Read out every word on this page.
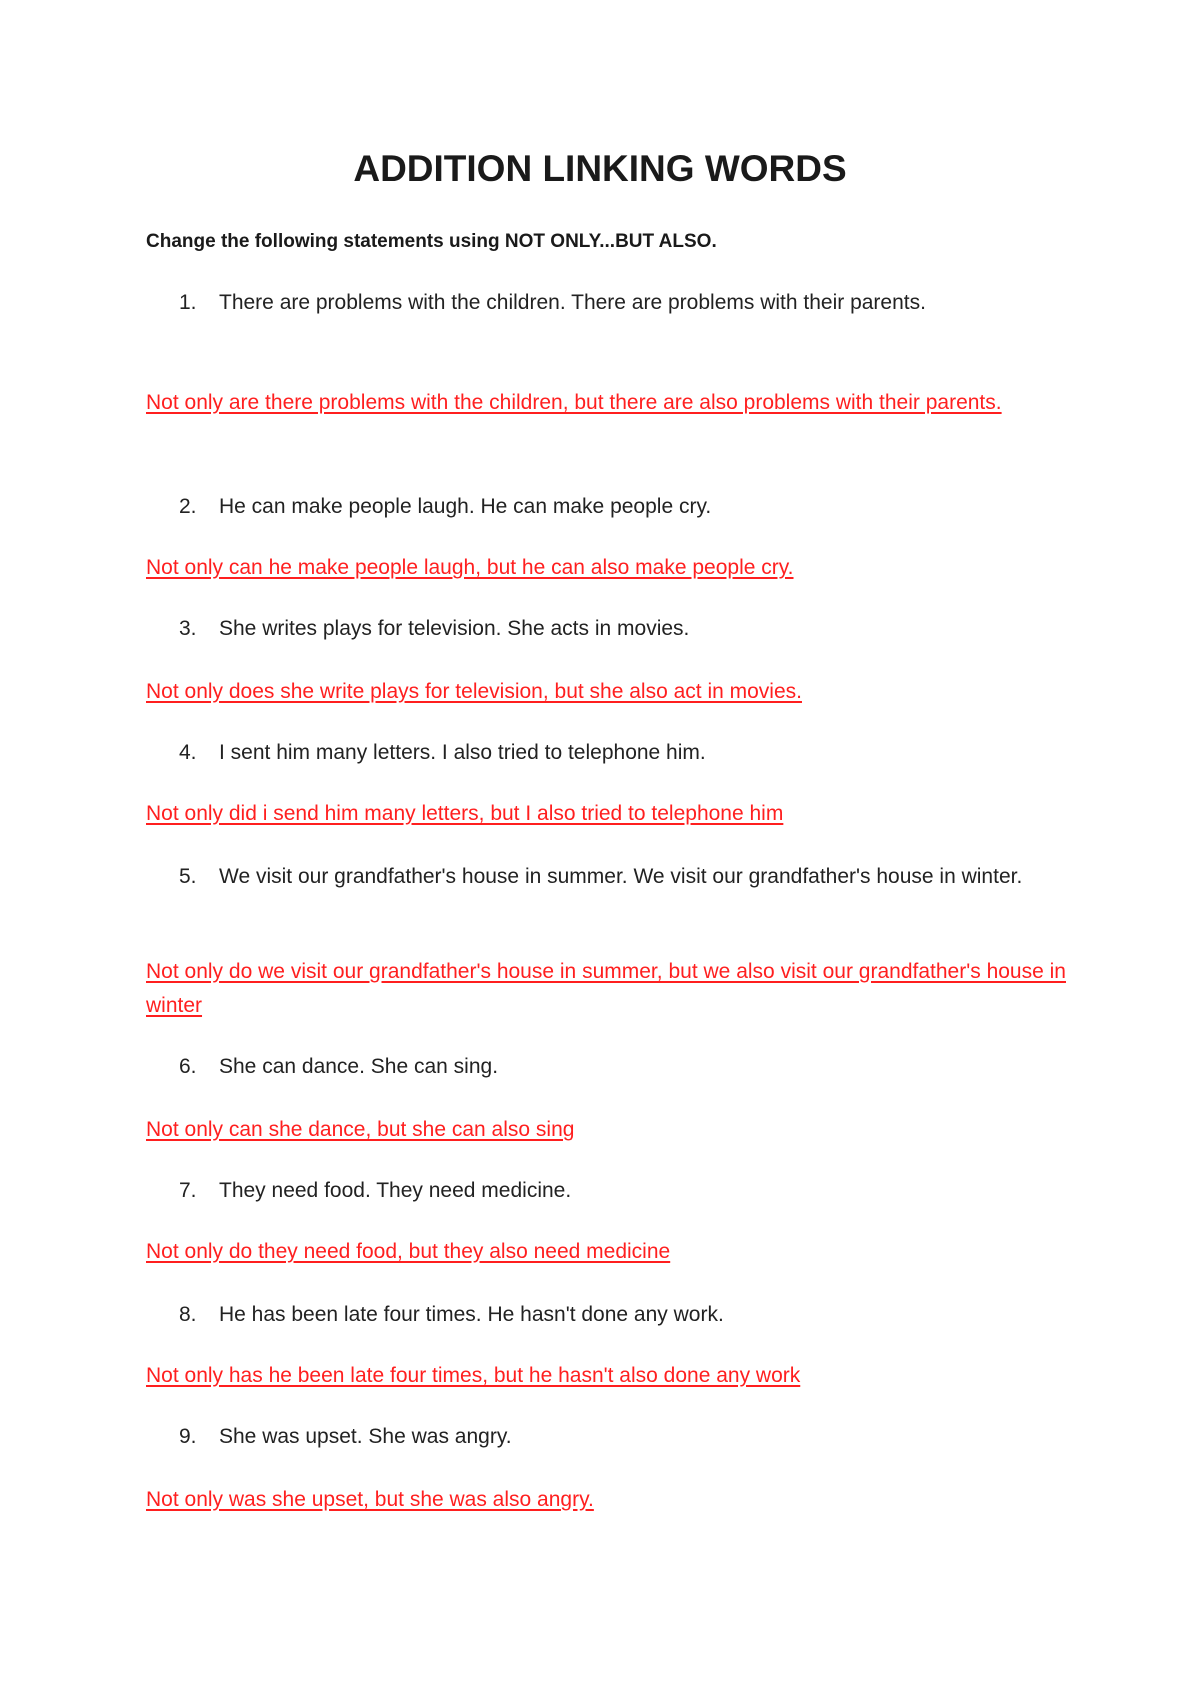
ADDITION LINKING WORDS

Change the following statements using NOT ONLY...BUT ALSO.

1.	There are problems with the children. There are problems with their parents.

Not only are there problems with the children, but there are also problems with their parents.

2.	He can make people laugh. He can make people cry.

Not only can he make people laugh, but he can also make people cry.

3.	She writes plays for television. She acts in movies.

Not only does she write plays for television, but she also act in movies.

4.	I sent him many letters. I also tried to telephone him.

Not only did i send him many letters, but I also tried to telephone him

5.	We visit our grandfather's house in summer. We visit our grandfather's house in winter.

Not only do we visit our grandfather's house in summer, but we also visit our grandfather's house in winter

6.	She can dance. She can sing.

Not only can she dance, but she can also sing

7.	They need food. They need medicine.

Not only do they need food, but they also need medicine

8.	He has been late four times. He hasn't done any work.

Not only has he been late four times, but he hasn't also done any work

9.	She was upset. She was angry.

Not only was she upset, but she was also angry.
